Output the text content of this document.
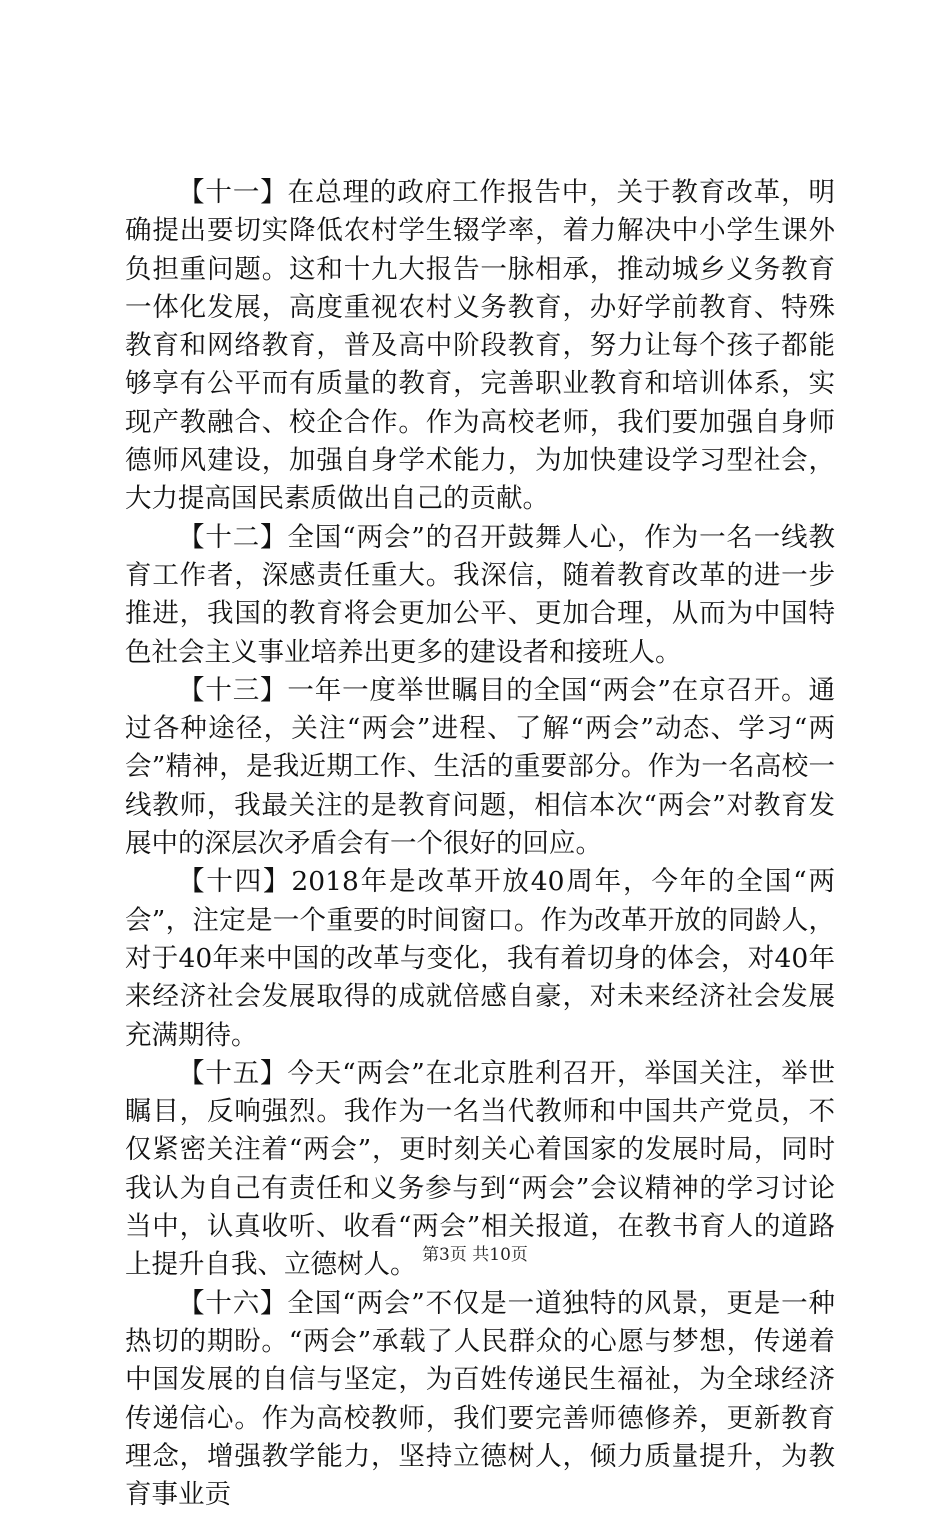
【十一】在总理的政府工作报告中，关于教育改革，明确提出要切实降低农村学生辍学率，着力解决中小学生课外负担重问题。这和十九大报告一脉相承，推动城乡义务教育一体化发展，高度重视农村义务教育，办好学前教育、特殊教育和网络教育，普及高中阶段教育，努力让每个孩子都能够享有公平而有质量的教育，完善职业教育和培训体系，实现产教融合、校企合作。作为高校老师，我们要加强自身师德师风建设，加强自身学术能力，为加快建设学习型社会，大力提高国民素质做出自己的贡献。

【十二】全国“两会”的召开鼓舞人心，作为一名一线教育工作者，深感责任重大。我深信，随着教育改革的进一步推进，我国的教育将会更加公平、更加合理，从而为中国特色社会主义事业培养出更多的建设者和接班人。

【十三】一年一度举世瞩目的全国“两会”在京召开。通过各种途径，关注“两会”进程、了解“两会”动态、学习“两会”精神，是我近期工作、生活的重要部分。作为一名高校一线教师，我最关注的是教育问题，相信本次“两会”对教育发展中的深层次矛盾会有一个很好的回应。

【十四】2018年是改革开放40周年，今年的全国“两会”，注定是一个重要的时间窗口。作为改革开放的同龄人，对于40年来中国的改革与变化，我有着切身的体会，对40年来经济社会发展取得的成就倍感自豪，对未来经济社会发展充满期待。

【十五】今天“两会”在北京胜利召开，举国关注，举世瞩目，反响强烈。我作为一名当代教师和中国共产党员，不仅紧密关注着“两会”，更时刻关心着国家的发展时局，同时我认为自己有责任和义务参与到“两会”会议精神的学习讨论当中，认真收听、收看“两会”相关报道，在教书育人的道路上提升自我、立德树人。

【十六】全国“两会”不仅是一道独特的风景，更是一种热切的期盼。“两会”承载了人民群众的心愿与梦想，传递着中国发展的自信与坚定，为百姓传递民生福祉，为全球经济传递信心。作为高校教师，我们要完善师德修养，更新教育理念，增强教学能力，坚持立德树人，倾力质量提升，为教育事业贡

第3页 共10页
